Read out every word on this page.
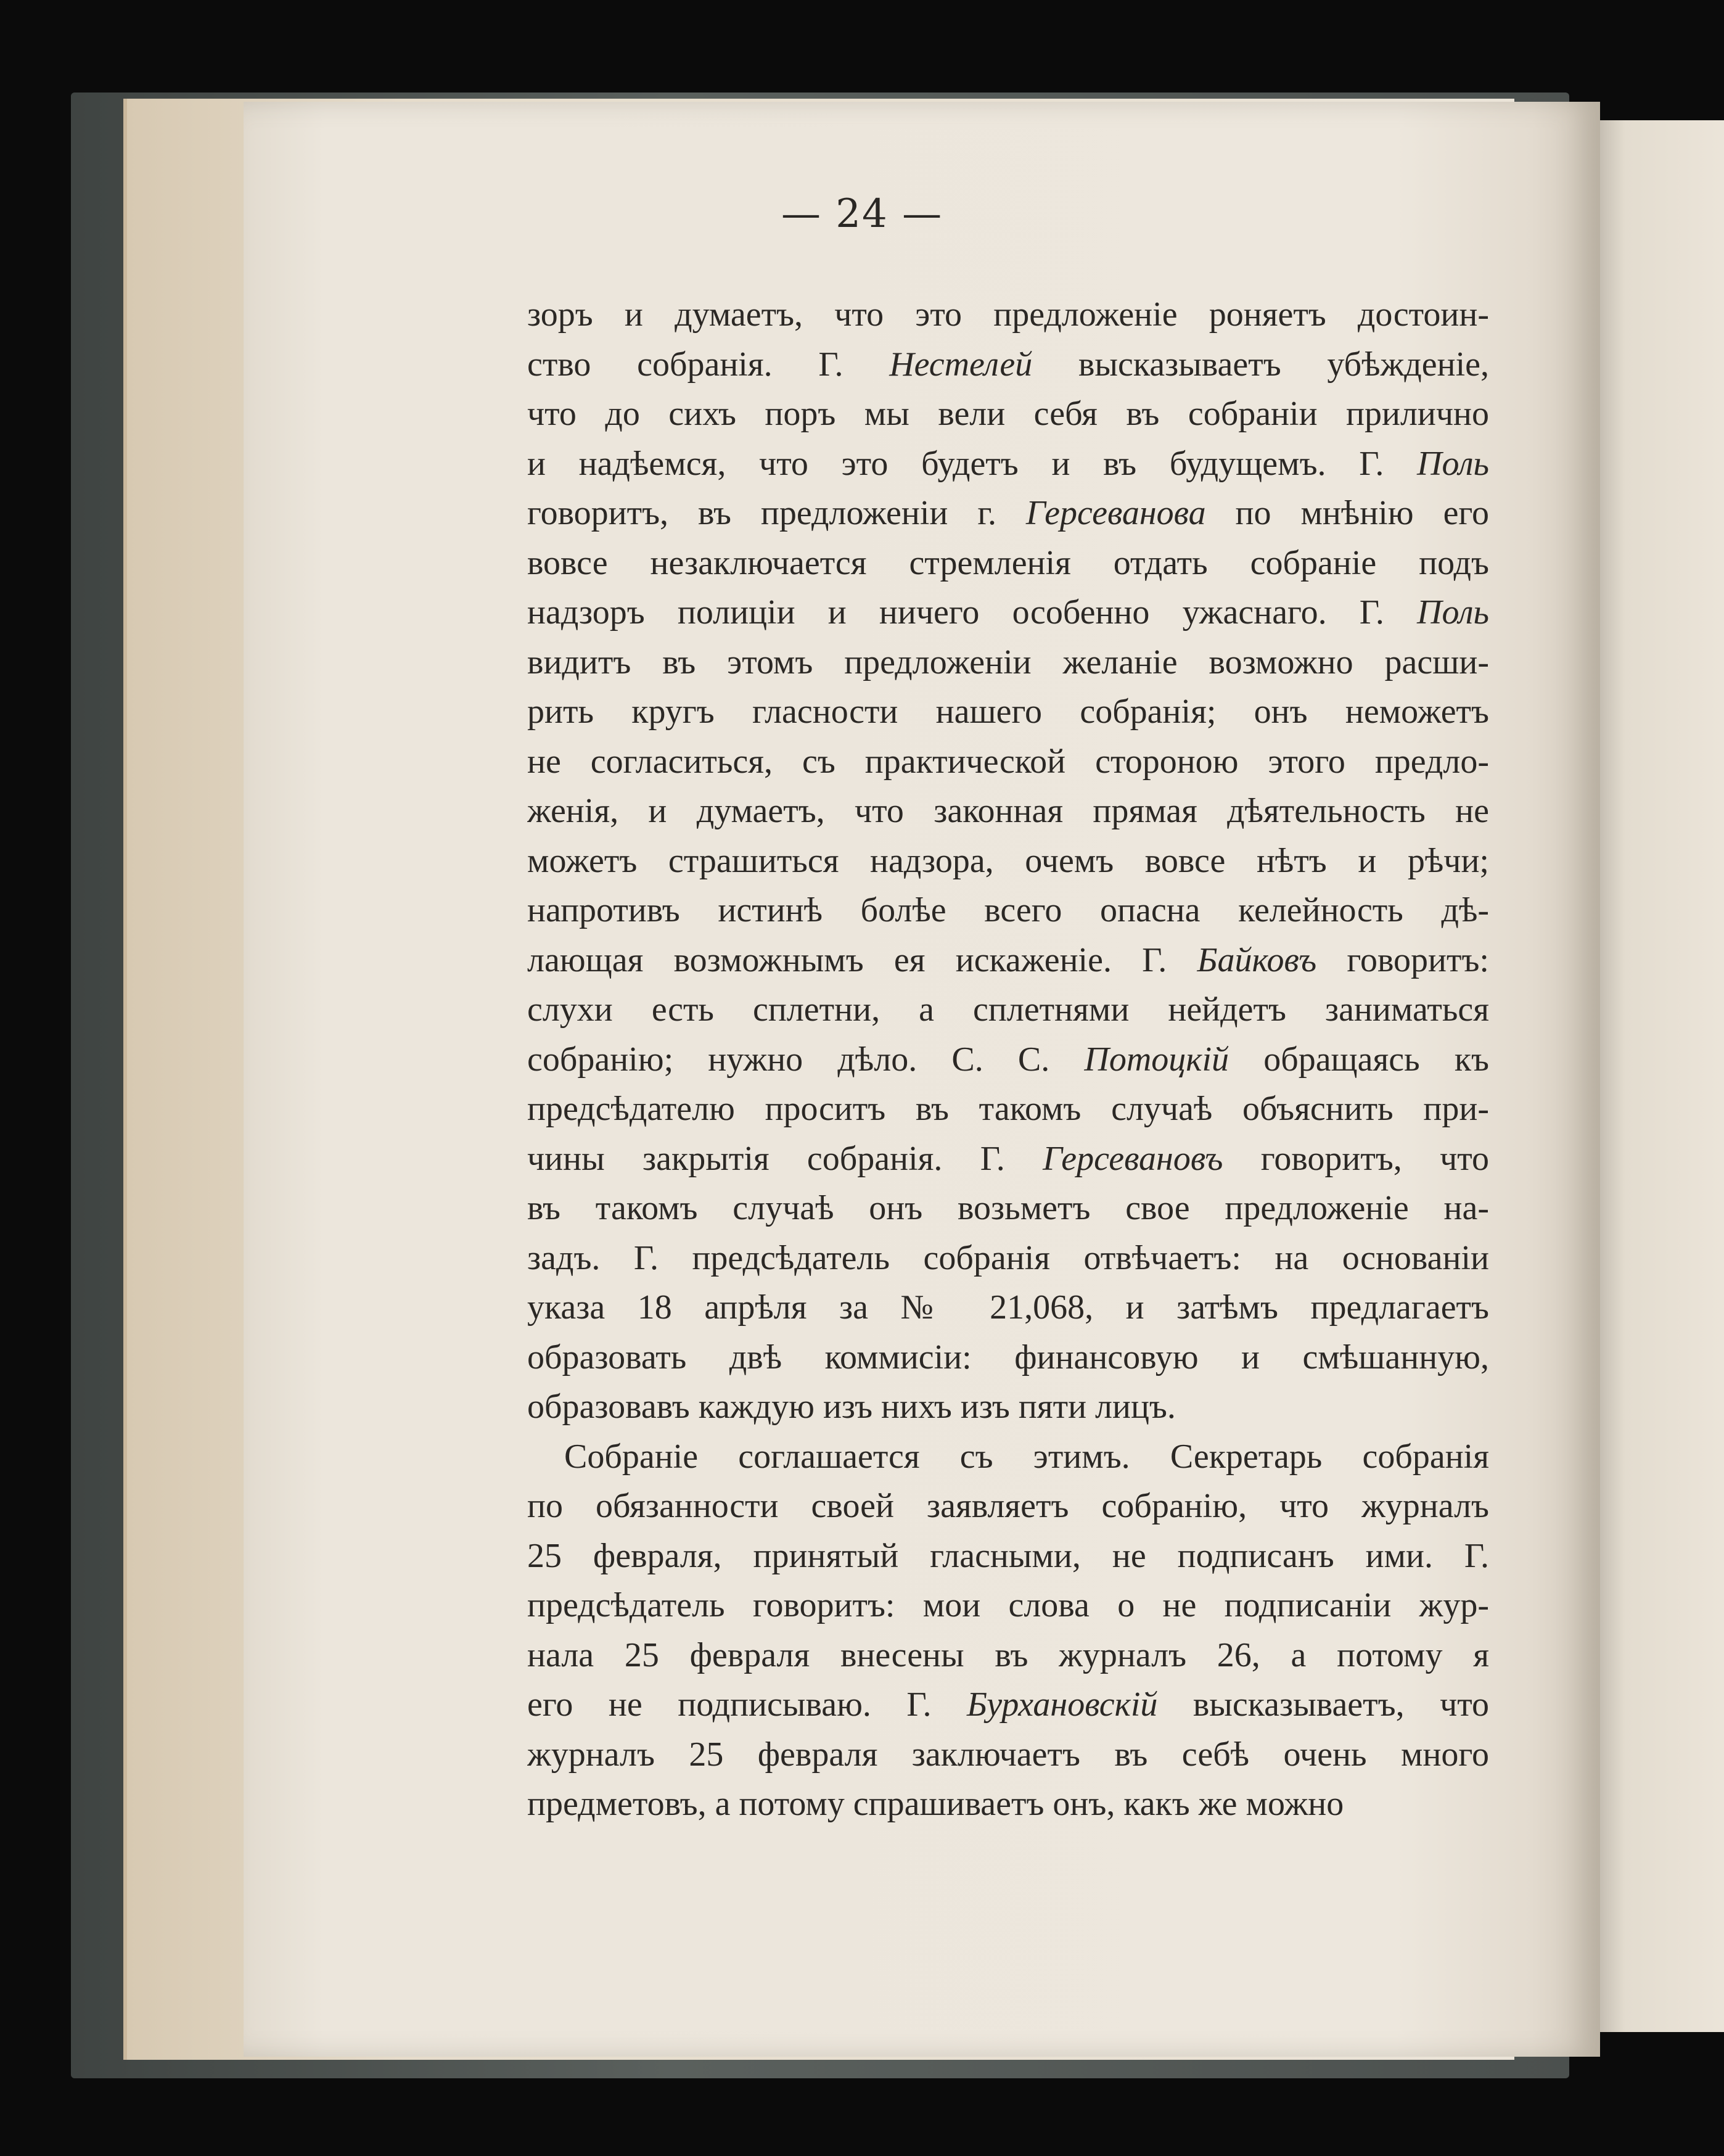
— 24 —
зоръ и думаетъ, что это предложенiе роняетъ достоин-
ство собранiя. Г. Нестелей высказываетъ убѣжденiе,
что до сихъ поръ мы вели себя въ собранiи прилично
и надѣемся, что это будетъ и въ будущемъ. Г. Поль
говоритъ, въ предложенiи г. Герсеванова по мнѣнiю его
вовсе незаключается стремленiя отдать собранiе подъ
надзоръ полицiи и ничего особенно ужаснаго. Г. Поль
видитъ въ этомъ предложенiи желанiе возможно расши-
рить кругъ гласности нашего собранiя; онъ неможетъ
не согласиться, съ практической стороною этого предло-
женiя, и думаетъ, что законная прямая дѣятельность не
можетъ страшиться надзора, очемъ вовсе нѣтъ и рѣчи;
напротивъ истинѣ болѣе всего опасна келейность дѣ-
лающая возможнымъ ея искаженiе. Г. Байковъ говоритъ:
слухи есть сплетни, а сплетнями нейдетъ заниматься
собранiю; нужно дѣло. С. С. Потоцкiй обращаясь къ
предсѣдателю проситъ въ такомъ случаѣ объяснить при-
чины закрытiя собранiя. Г. Герсевановъ говоритъ, что
въ такомъ случаѣ онъ возьметъ свое предложенiе на-
задъ. Г. предсѣдатель собранiя отвѣчаетъ: на основанiи
указа 18 апрѣля за № 21,068, и затѣмъ предлагаетъ
образовать двѣ коммисiи: финансовую и смѣшанную,
образовавъ каждую изъ нихъ изъ пяти лицъ.
Собранiе соглашается съ этимъ. Секретарь собранiя
по обязанности своей заявляетъ собранiю, что журналъ
25 февраля, принятый гласными, не подписанъ ими. Г.
предсѣдатель говоритъ: мои слова о не подписанiи жур-
нала 25 февраля внесены въ журналъ 26, а потому я
его не подписываю. Г. Бурхановскiй высказываетъ, что
журналъ 25 февраля заключаетъ въ себѣ очень много
предметовъ, а потому спрашиваетъ онъ, какъ же можно
